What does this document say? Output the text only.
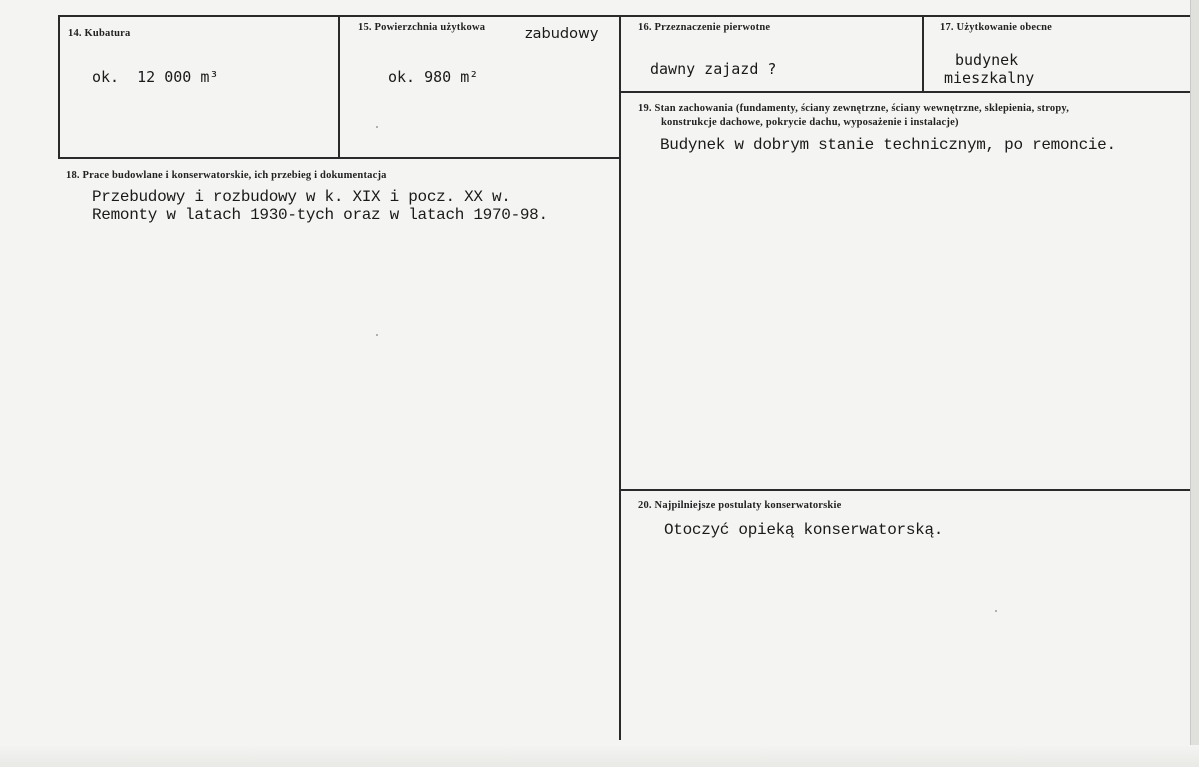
14. Kubatura
ok.  12 000 m³
15. Powierzchnia użytkowa	zabudowy
ok. 980 m²
16. Przeznaczenie pierwotne
dawny zajazd ?
17. Użytkowanie obecne
budynek
mieszkalny
19. Stan zachowania (fundamenty, ściany zewnętrzne, ściany wewnętrzne, sklepienia, stropy,
konstrukcje dachowe, pokrycie dachu, wyposażenie i instalacje)
Budynek w dobrym stanie technicznym, po remoncie.
18. Prace budowlane i konserwatorskie, ich przebieg i dokumentacja
Przebudowy i rozbudowy w k. XIX i pocz. XX w.
Remonty w latach 1930-tych oraz w latach 1970-98.
20. Najpilniejsze postulaty konserwatorskie
Otoczyć opieką konserwatorską.
